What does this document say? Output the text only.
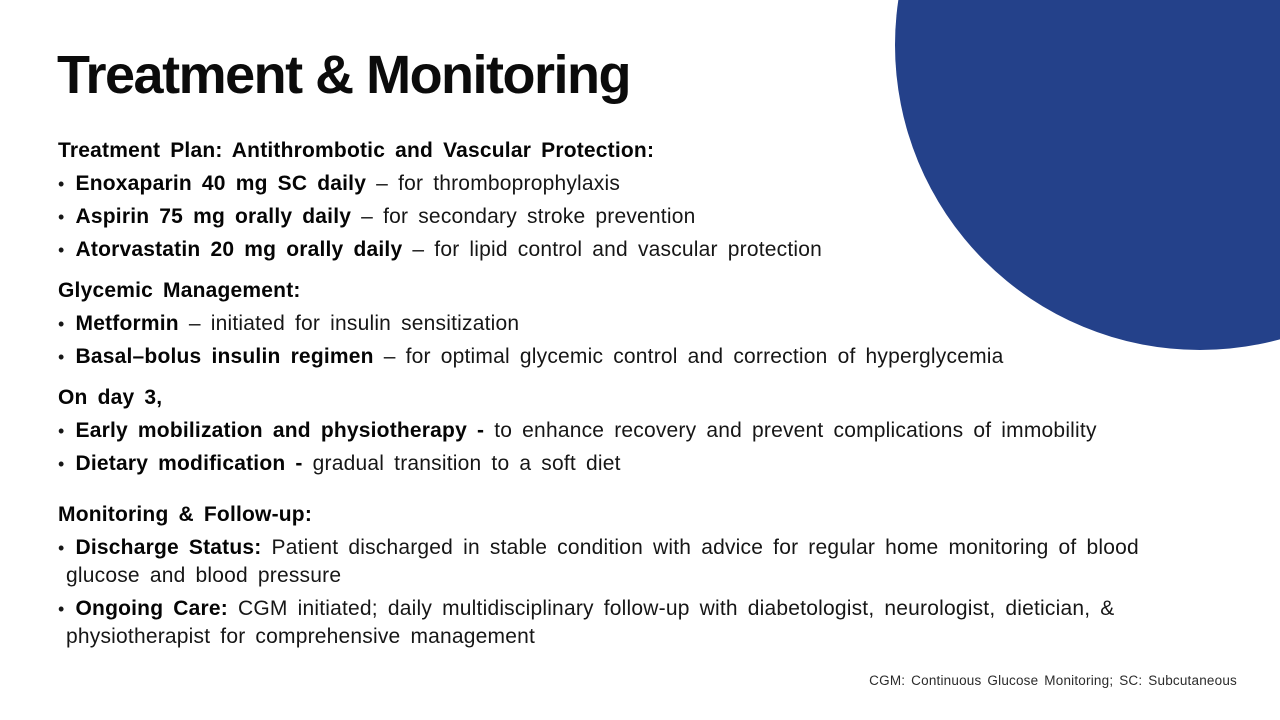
Treatment & Monitoring
Treatment Plan: Antithrombotic and Vascular Protection:
• Enoxaparin 40 mg SC daily – for thromboprophylaxis
• Aspirin 75 mg orally daily – for secondary stroke prevention
• Atorvastatin 20 mg orally daily – for lipid control and vascular protection
Glycemic Management:
• Metformin – initiated for insulin sensitization
• Basal–bolus insulin regimen – for optimal glycemic control and correction of hyperglycemia
On day 3,
• Early mobilization and physiotherapy - to enhance recovery and prevent complications of immobility
• Dietary modification - gradual transition to a soft diet
Monitoring & Follow-up:
• Discharge Status: Patient discharged in stable condition with advice for regular home monitoring of blood glucose and blood pressure
• Ongoing Care: CGM initiated; daily multidisciplinary follow-up with diabetologist, neurologist, dietician, & physiotherapist for comprehensive management
CGM: Continuous Glucose Monitoring; SC: Subcutaneous
